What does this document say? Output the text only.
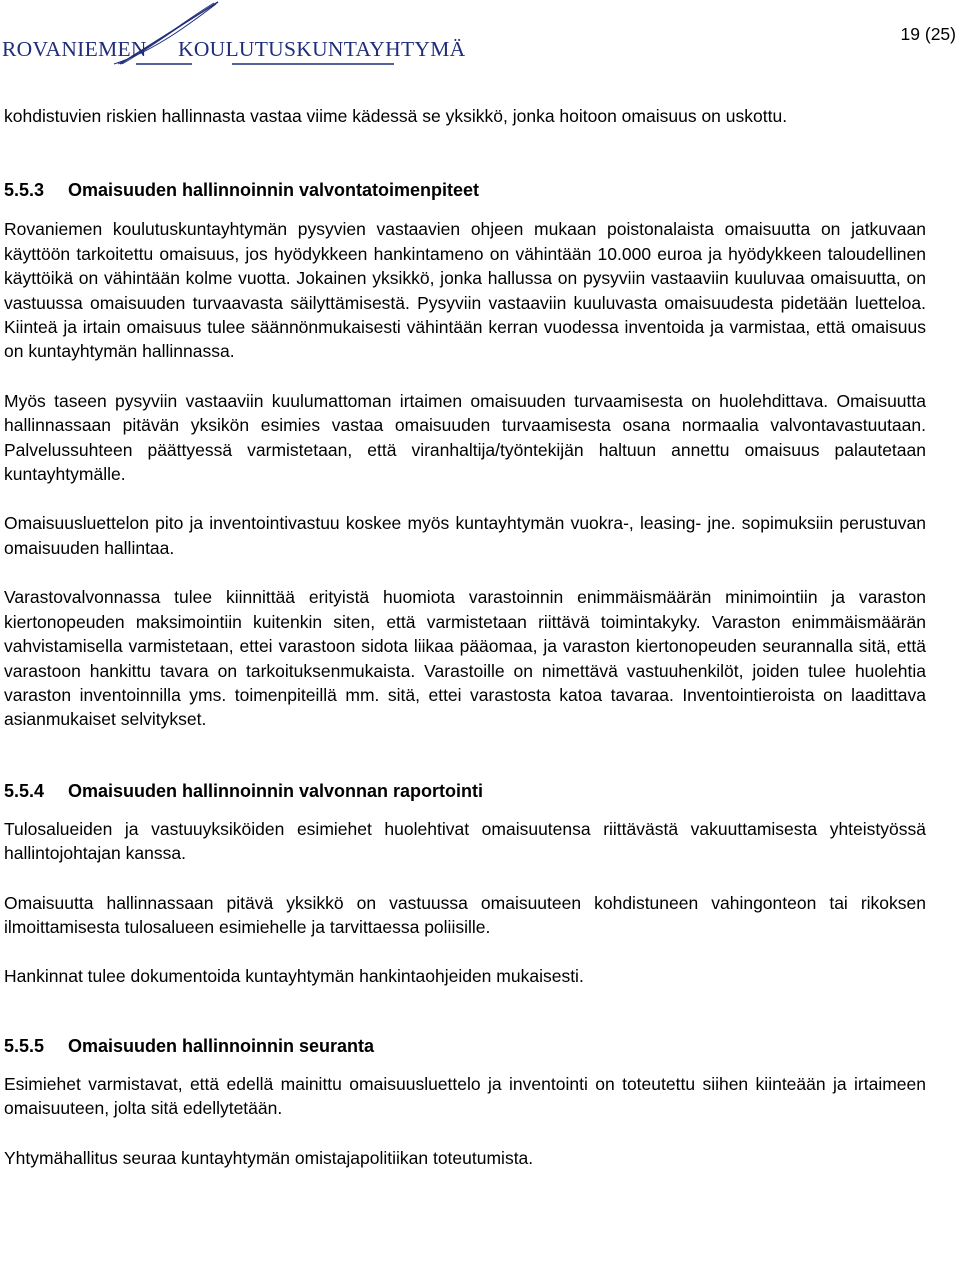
ROVANIEMEN KOULUTUSKUNTAYHTYMÄ
19 (25)

kohdistuvien riskien hallinnasta vastaa viime kädessä se yksikkö, jonka hoitoon omaisuus on uskottu.

5.5.3 Omaisuuden hallinnoinnin valvontatoimenpiteet

Rovaniemen koulutuskuntayhtymän pysyvien vastaavien ohjeen mukaan poistonalaista omaisuutta on jatkuvaan käyttöön tarkoitettu omaisuus, jos hyödykkeen hankintameno on vähintään 10.000 euroa ja hyödykkeen taloudellinen käyttöikä on vähintään kolme vuotta. Jokainen yksikkö, jonka hallussa on pysyviin vastaaviin kuuluvaa omaisuutta, on vastuussa omaisuuden turvaavasta säilyttämisestä. Pysyviin vastaaviin kuuluvasta omaisuudesta pidetään luetteloa. Kiinteä ja irtain omaisuus tulee säännönmukaisesti vähintään kerran vuodessa inventoida ja varmistaa, että omaisuus on kuntayhtymän hallinnassa.

Myös taseen pysyviin vastaaviin kuulumattoman irtaimen omaisuuden turvaamisesta on huolehdittava. Omaisuutta hallinnassaan pitävän yksikön esimies vastaa omaisuuden turvaamisesta osana normaalia valvontavastuutaan. Palvelussuhteen päättyessä varmistetaan, että viranhaltija/työntekijän haltuun annettu omaisuus palautetaan kuntayhtymälle.

Omaisuusluettelon pito ja inventointivastuu koskee myös kuntayhtymän vuokra-, leasing- jne. sopimuksiin perustuvan omaisuuden hallintaa.

Varastovalvonnassa tulee kiinnittää erityistä huomiota varastoinnin enimmäismäärän minimointiin ja varaston kiertonopeuden maksimointiin kuitenkin siten, että varmistetaan riittävä toimintakyky. Varaston enimmäismäärän vahvistamisella varmistetaan, ettei varastoon sidota liikaa pääomaa, ja varaston kiertonopeuden seurannalla sitä, että varastoon hankittu tavara on tarkoituksenmukaista. Varastoille on nimettävä vastuuhenkilöt, joiden tulee huolehtia varaston inventoinnilla yms. toimenpiteillä mm. sitä, ettei varastosta katoa tavaraa. Inventointieroista on laadittava asianmukaiset selvitykset.

5.5.4 Omaisuuden hallinnoinnin valvonnan raportointi

Tulosalueiden ja vastuuyksiköiden esimiehet huolehtivat omaisuutensa riittävästä vakuuttamisesta yhteistyössä hallintojohtajan kanssa.

Omaisuutta hallinnassaan pitävä yksikkö on vastuussa omaisuuteen kohdistuneen vahingonteon tai rikoksen ilmoittamisesta tulosalueen esimiehelle ja tarvittaessa poliisille.

Hankinnat tulee dokumentoida kuntayhtymän hankintaohjeiden mukaisesti.

5.5.5 Omaisuuden hallinnoinnin seuranta

Esimiehet varmistavat, että edellä mainittu omaisuusluettelo ja inventointi on toteutettu siihen kiinteään ja irtaimeen omaisuuteen, jolta sitä edellytetään.

Yhtymähallitus seuraa kuntayhtymän omistajapolitiikan toteutumista.
